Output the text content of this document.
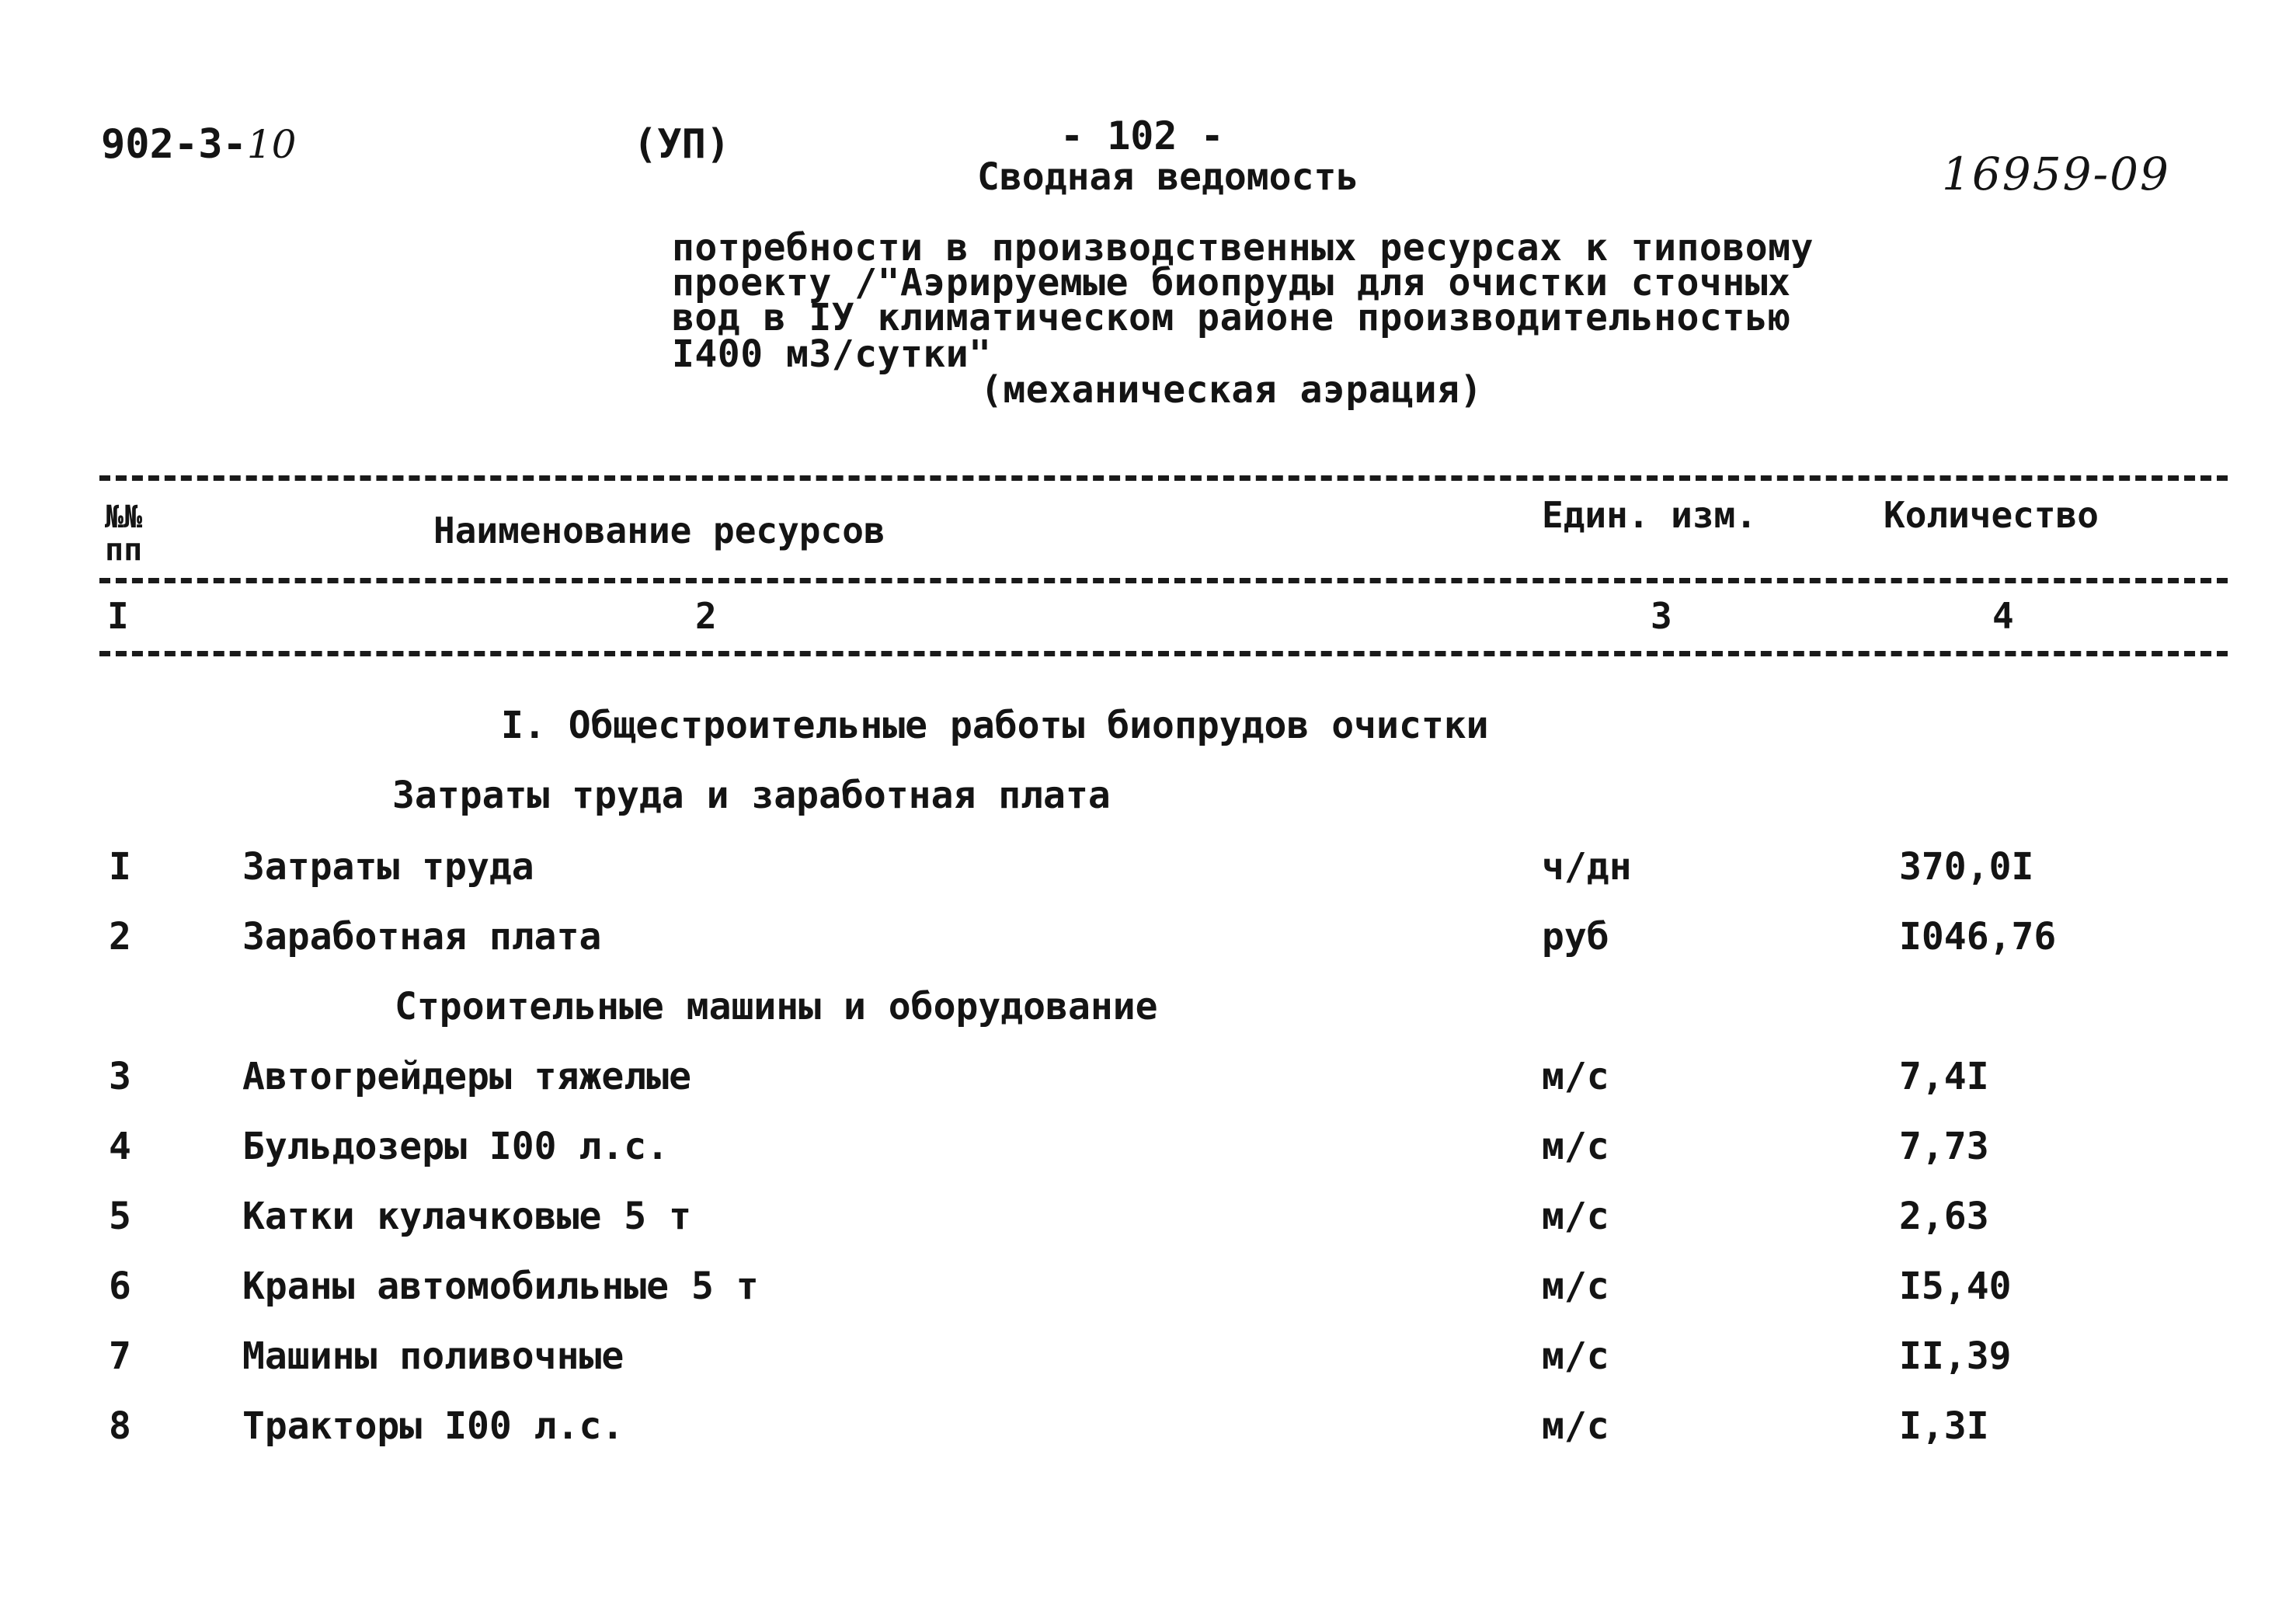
902-3-10	(УП)	- 102 -
Сводная ведомость	16959-09
потребности в производственных ресурсах к типовому
проекту /"Аэрируемые биопруды для очистки сточных
вод в IУ климатическом районе производительностью
I400 м3/сутки"
(механическая аэрация)
№№
пп	Наименование ресурсов	Един. изм.	Количество
I	2	3	4
I. Общестроительные работы биопрудов очистки
Затраты труда и заработная плата
I	Затраты труда	ч/дн	370,0I
2	Заработная плата	руб	I046,76
Строительные машины и оборудование
3	Автогрейдеры тяжелые	м/с	7,4I
4	Бульдозеры I00 л.с.	м/с	7,73
5	Катки кулачковые 5 т	м/с	2,63
6	Краны автомобильные 5 т	м/с	I5,40
7	Машины поливочные	м/с	II,39
8	Тракторы I00 л.с.	м/с	I,3I
